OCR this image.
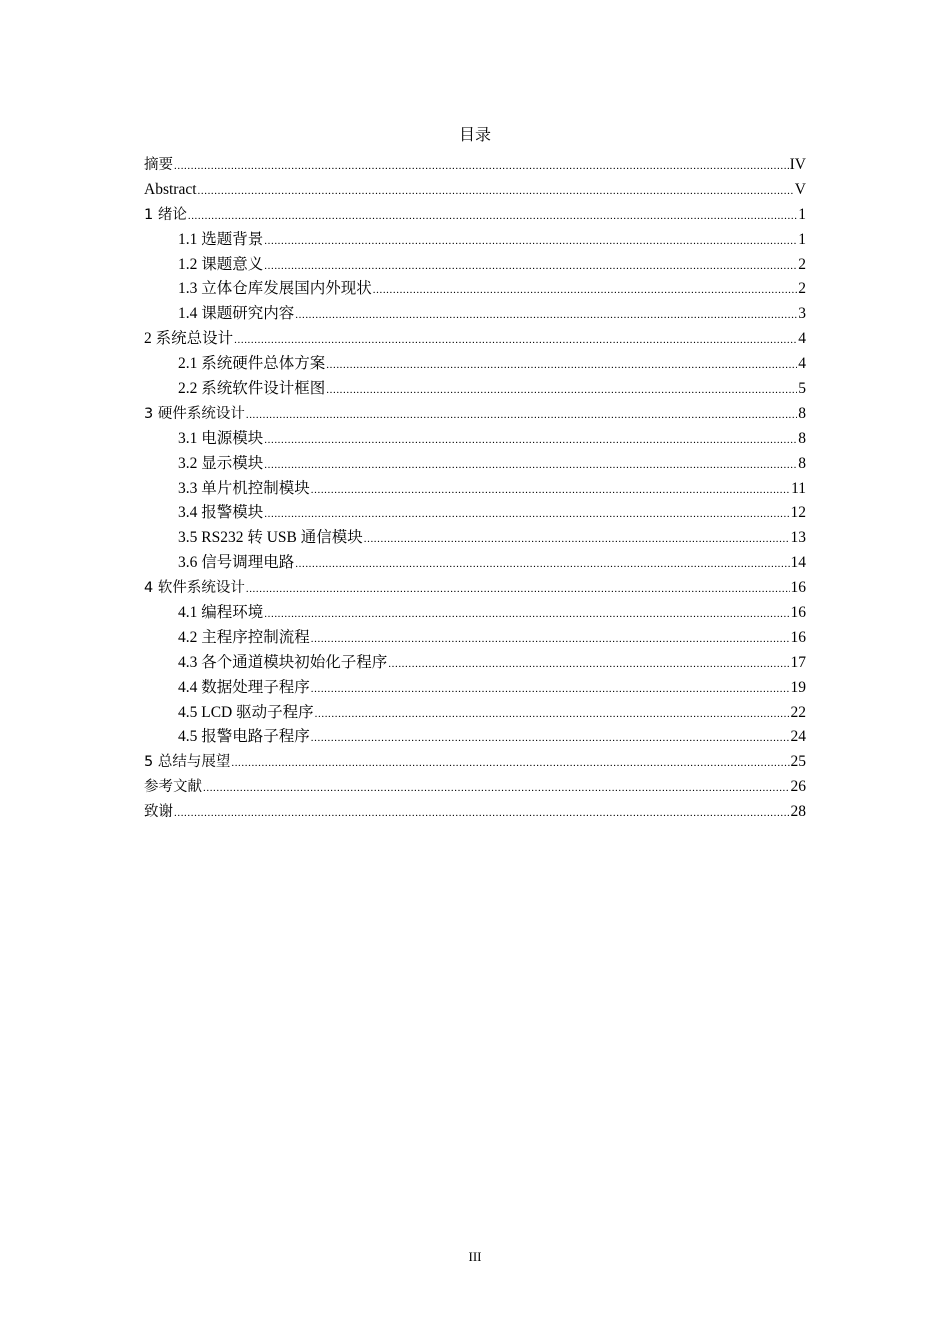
目录
摘要 .....	IV
Abstract .....	V
1 绪论 .....	1
1.1 选题背景 .....	1
1.2 课题意义 .....	2
1.3 立体仓库发展国内外现状 .....	2
1.4 课题研究内容 .....	3
2 系统总设计 .....	4
2.1 系统硬件总体方案 .....	4
2.2 系统软件设计框图 .....	5
3 硬件系统设计 .....	8
3.1 电源模块 .....	8
3.2 显示模块 .....	8
3.3 单片机控制模块 .....	11
3.4 报警模块 .....	12
3.5 RS232 转 USB 通信模块 .....	13
3.6 信号调理电路 .....	14
4 软件系统设计 .....	16
4.1 编程环境 .....	16
4.2 主程序控制流程 .....	16
4.3 各个通道模块初始化子程序 .....	17
4.4 数据处理子程序 .....	19
4.5 LCD 驱动子程序 .....	22
4.5 报警电路子程序 .....	24
5 总结与展望 .....	25
参考文献 .....	26
致谢 .....	28
III
